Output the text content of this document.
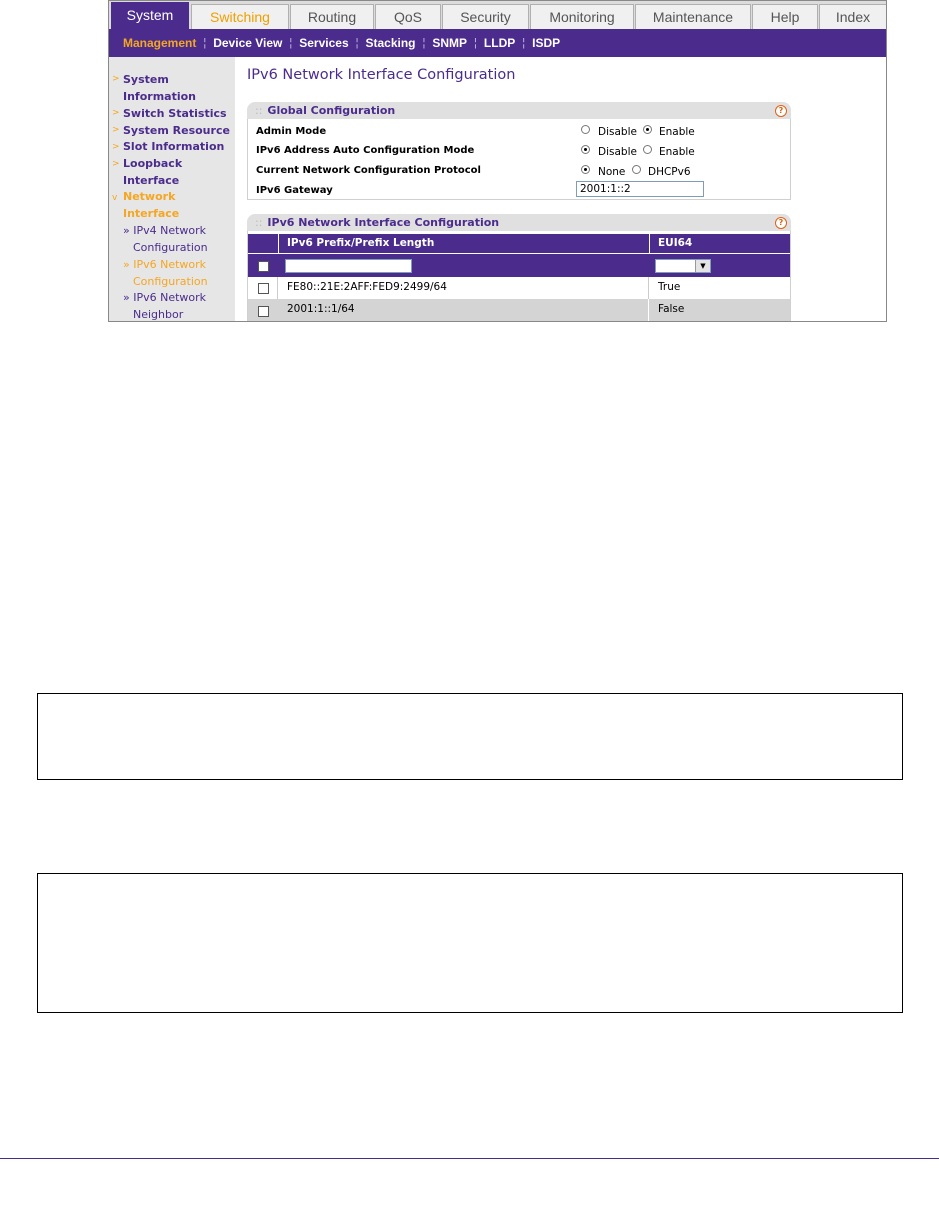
System	Switching	Routing	QoS	Security	Monitoring	Maintenance	Help	Index
Management ¦ Device View ¦ Services ¦ Stacking ¦ SNMP ¦ LLDP ¦ ISDP
> System
Information
> Switch Statistics
> System Resource
> Slot Information
> Loopback
Interface
v Network
Interface
» IPv4 Network
Configuration
» IPv6 Network
Configuration
» IPv6 Network
Neighbor
IPv6 Network Interface Configuration
:: Global Configuration	?
Admin Mode	Disable Enable
IPv6 Address Auto Configuration Mode	Disable Enable
Current Network Configuration Protocol	None DHCPv6
IPv6 Gateway	2001:1::2
:: IPv6 Network Interface Configuration	?
IPv6 Prefix/Prefix Length	EUI64
▼
FE80::21E:2AFF:FED9:2499/64	True
2001:1::1/64	False
